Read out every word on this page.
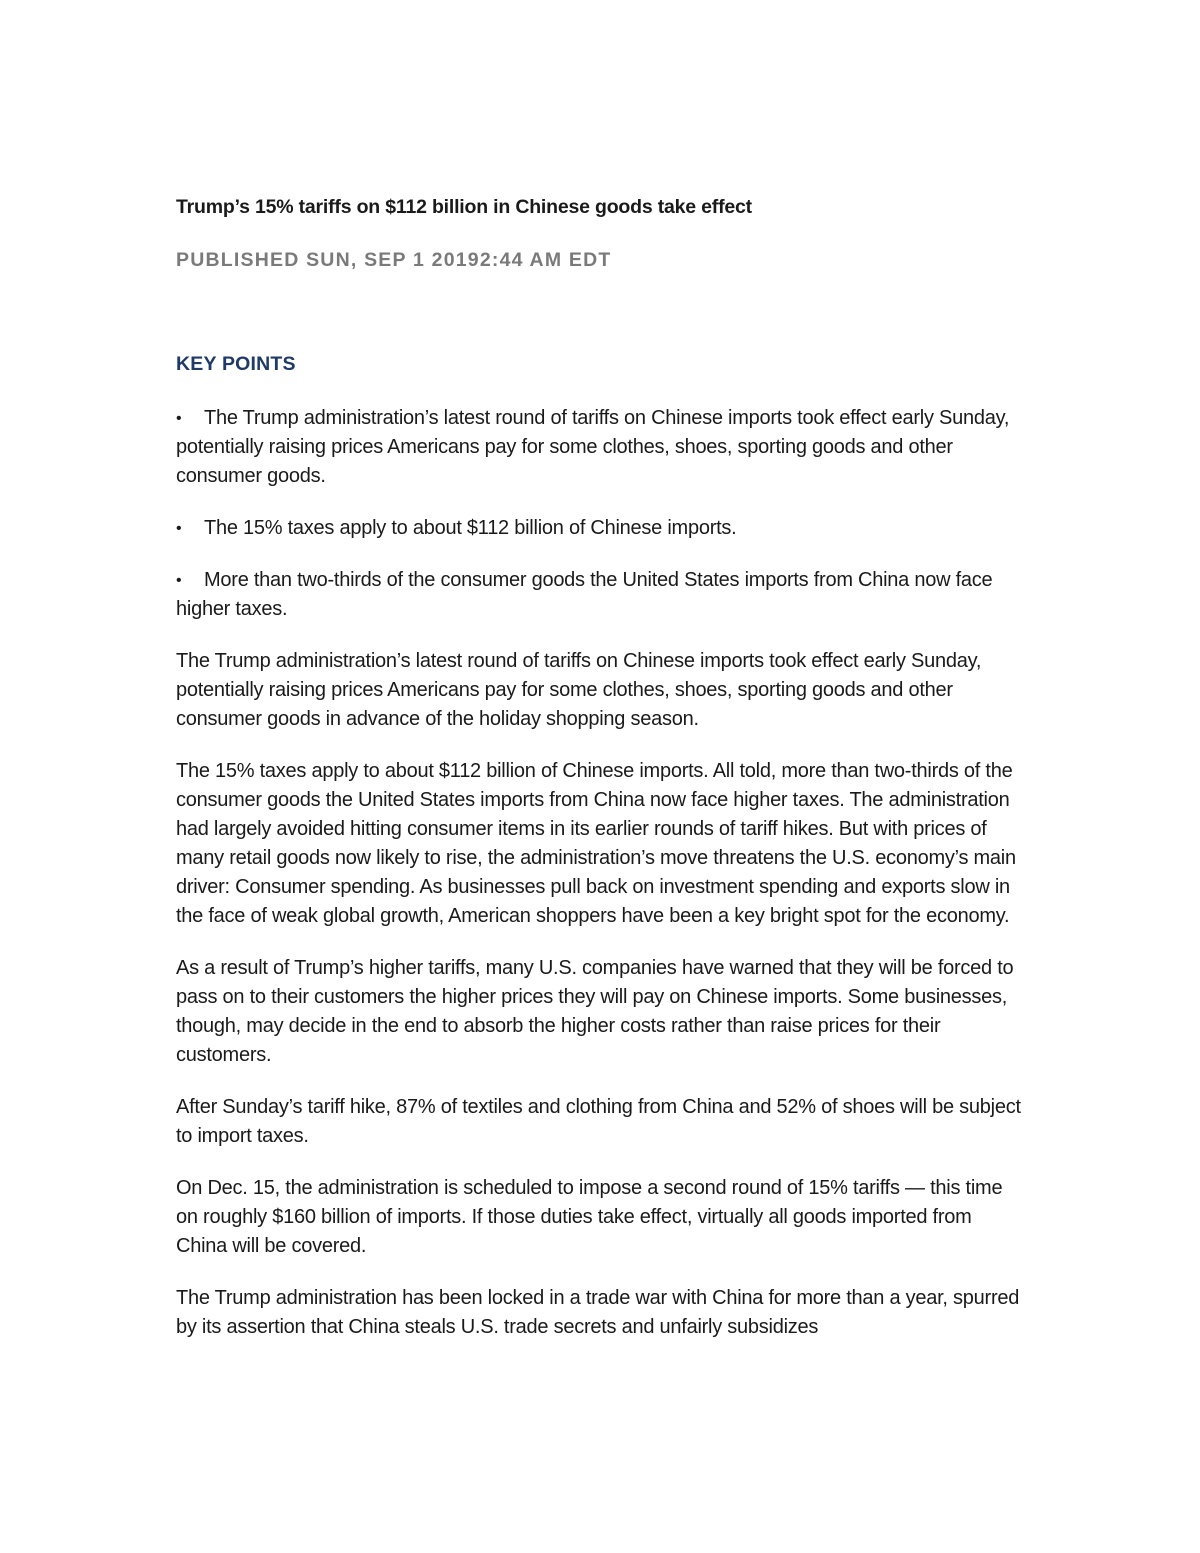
Trump’s 15% tariffs on $112 billion in Chinese goods take effect

PUBLISHED SUN, SEP 1 20192:44 AM EDT

KEY POINTS

• The Trump administration’s latest round of tariffs on Chinese imports took effect early Sunday, potentially raising prices Americans pay for some clothes, shoes, sporting goods and other consumer goods.

• The 15% taxes apply to about $112 billion of Chinese imports.

• More than two-thirds of the consumer goods the United States imports from China now face higher taxes.

The Trump administration’s latest round of tariffs on Chinese imports took effect early Sunday, potentially raising prices Americans pay for some clothes, shoes, sporting goods and other consumer goods in advance of the holiday shopping season.

The 15% taxes apply to about $112 billion of Chinese imports. All told, more than two-thirds of the consumer goods the United States imports from China now face higher taxes. The administration had largely avoided hitting consumer items in its earlier rounds of tariff hikes. But with prices of many retail goods now likely to rise, the administration’s move threatens the U.S. economy’s main driver: Consumer spending. As businesses pull back on investment spending and exports slow in the face of weak global growth, American shoppers have been a key bright spot for the economy.

As a result of Trump’s higher tariffs, many U.S. companies have warned that they will be forced to pass on to their customers the higher prices they will pay on Chinese imports. Some businesses, though, may decide in the end to absorb the higher costs rather than raise prices for their customers.

After Sunday’s tariff hike, 87% of textiles and clothing from China and 52% of shoes will be subject to import taxes.

On Dec. 15, the administration is scheduled to impose a second round of 15% tariffs — this time on roughly $160 billion of imports. If those duties take effect, virtually all goods imported from China will be covered.

The Trump administration has been locked in a trade war with China for more than a year, spurred by its assertion that China steals U.S. trade secrets and unfairly subsidizes
